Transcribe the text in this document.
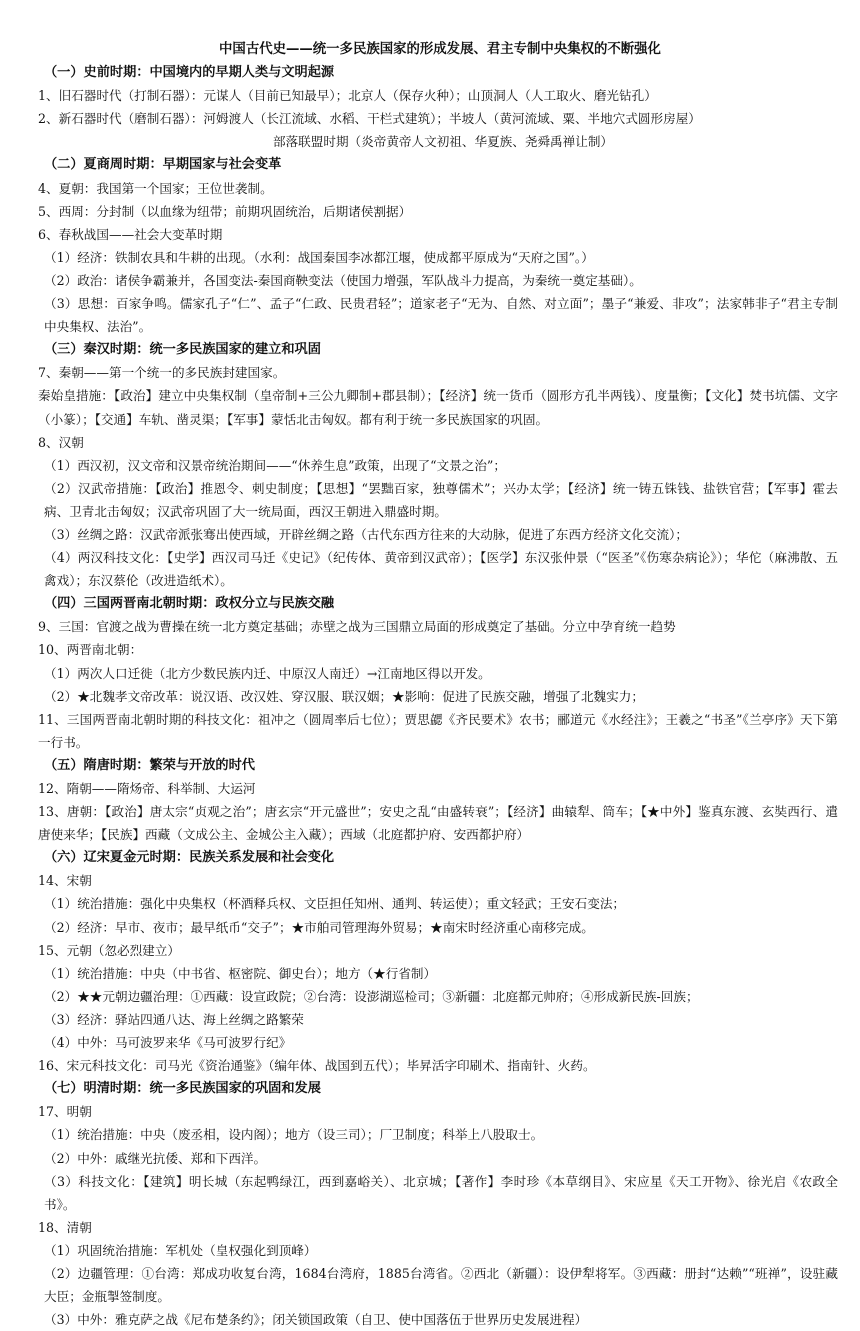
中国古代史——统一多民族国家的形成发展、君主专制中央集权的不断强化
（一）史前时期：中国境内的早期人类与文明起源
1、旧石器时代（打制石器）：元谋人（目前已知最早）；北京人（保存火种）；山顶洞人（人工取火、磨光钻孔）
2、新石器时代（磨制石器）：河姆渡人（长江流域、水稻、干栏式建筑）；半坡人（黄河流域、粟、半地穴式圆形房屋）
部落联盟时期（炎帝黄帝人文初祖、华夏族、尧舜禹禅让制）
（二）夏商周时期：早期国家与社会变革
4、夏朝：我国第一个国家；王位世袭制。
5、西周：分封制（以血缘为纽带；前期巩固统治，后期诸侯割据）
6、春秋战国——社会大变革时期
（1）经济：铁制农具和牛耕的出现。（水利：战国秦国李冰都江堰，使成都平原成为“天府之国”。）
（2）政治：诸侯争霸兼并，各国变法-秦国商鞅变法（使国力增强，军队战斗力提高，为秦统一奠定基础）。
（3）思想：百家争鸣。儒家孔子“仁”、孟子“仁政、民贵君轻”；道家老子“无为、自然、对立面”；墨子“兼爱、非攻”；法家韩非子“君主专制中央集权、法治”。
（三）秦汉时期：统一多民族国家的建立和巩固
7、秦朝——第一个统一的多民族封建国家。
秦始皇措施：【政治】建立中央集权制（皇帝制+三公九卿制+郡县制）；【经济】统一货币（圆形方孔半两钱）、度量衡；【文化】焚书坑儒、文字（小篆）；【交通】车轨、凿灵渠；【军事】蒙恬北击匈奴。都有利于统一多民族国家的巩固。
8、汉朝
（1）西汉初，汉文帝和汉景帝统治期间——“休养生息”政策，出现了“文景之治”；
（2）汉武帝措施：【政治】推恩令、刺史制度；【思想】“罢黜百家，独尊儒术”；兴办太学；【经济】统一铸五铢钱、盐铁官营；【军事】霍去病、卫青北击匈奴；汉武帝巩固了大一统局面，西汉王朝进入鼎盛时期。
（3）丝绸之路：汉武帝派张骞出使西域，开辟丝绸之路（古代东西方往来的大动脉，促进了东西方经济文化交流）；
（4）两汉科技文化：【史学】西汉司马迁《史记》（纪传体、黄帝到汉武帝）；【医学】东汉张仲景（“医圣”《伤寒杂病论》）；华佗（麻沸散、五禽戏）；东汉蔡伦（改进造纸术）。
（四）三国两晋南北朝时期：政权分立与民族交融
9、三国：官渡之战为曹操在统一北方奠定基础；赤壁之战为三国鼎立局面的形成奠定了基础。分立中孕育统一趋势
10、两晋南北朝：
（1）两次人口迁徙（北方少数民族内迁、中原汉人南迁）→江南地区得以开发。
（2）★北魏孝文帝改革：说汉语、改汉姓、穿汉服、联汉姻；★影响：促进了民族交融，增强了北魏实力；
11、三国两晋南北朝时期的科技文化：祖冲之（圆周率后七位）；贾思勰《齐民要术》农书；郦道元《水经注》；王羲之“书圣”《兰亭序》天下第一行书。
（五）隋唐时期：繁荣与开放的时代
12、隋朝——隋炀帝、科举制、大运河
13、唐朝：【政治】唐太宗“贞观之治”；唐玄宗“开元盛世”；安史之乱“由盛转衰”；【经济】曲辕犁、筒车；【★中外】鉴真东渡、玄奘西行、遣唐使来华；【民族】西藏（文成公主、金城公主入藏）；西域（北庭都护府、安西都护府）
（六）辽宋夏金元时期：民族关系发展和社会变化
14、宋朝
（1）统治措施：强化中央集权（杯酒释兵权、文臣担任知州、通判、转运使）；重文轻武；王安石变法；
（2）经济：早市、夜市；最早纸币“交子”；★市舶司管理海外贸易；★南宋时经济重心南移完成。
15、元朝（忽必烈建立）
（1）统治措施：中央（中书省、枢密院、御史台）；地方（★行省制）
（2）★★元朝边疆治理：①西藏：设宣政院；②台湾：设澎湖巡检司；③新疆：北庭都元帅府；④形成新民族-回族；
（3）经济：驿站四通八达、海上丝绸之路繁荣
（4）中外：马可波罗来华《马可波罗行纪》
16、宋元科技文化：司马光《资治通鉴》（编年体、战国到五代）；毕昇活字印刷术、指南针、火药。
（七）明清时期：统一多民族国家的巩固和发展
17、明朝
（1）统治措施：中央（废丞相，设内阁）；地方（设三司）；厂卫制度；科举上八股取士。
（2）中外：戚继光抗倭、郑和下西洋。
（3）科技文化：【建筑】明长城（东起鸭绿江，西到嘉峪关）、北京城；【著作】李时珍《本草纲目》、宋应星《天工开物》、徐光启《农政全书》。
18、清朝
（1）巩固统治措施：军机处（皇权强化到顶峰）
（2）边疆管理：①台湾：郑成功收复台湾，1684台湾府，1885台湾省。②西北（新疆）：设伊犁将军。③西藏：册封“达赖”“班禅”，设驻藏大臣；金瓶掣签制度。
（3）中外：雅克萨之战《尼布楚条约》；闭关锁国政策（自卫、使中国落伍于世界历史发展进程）
